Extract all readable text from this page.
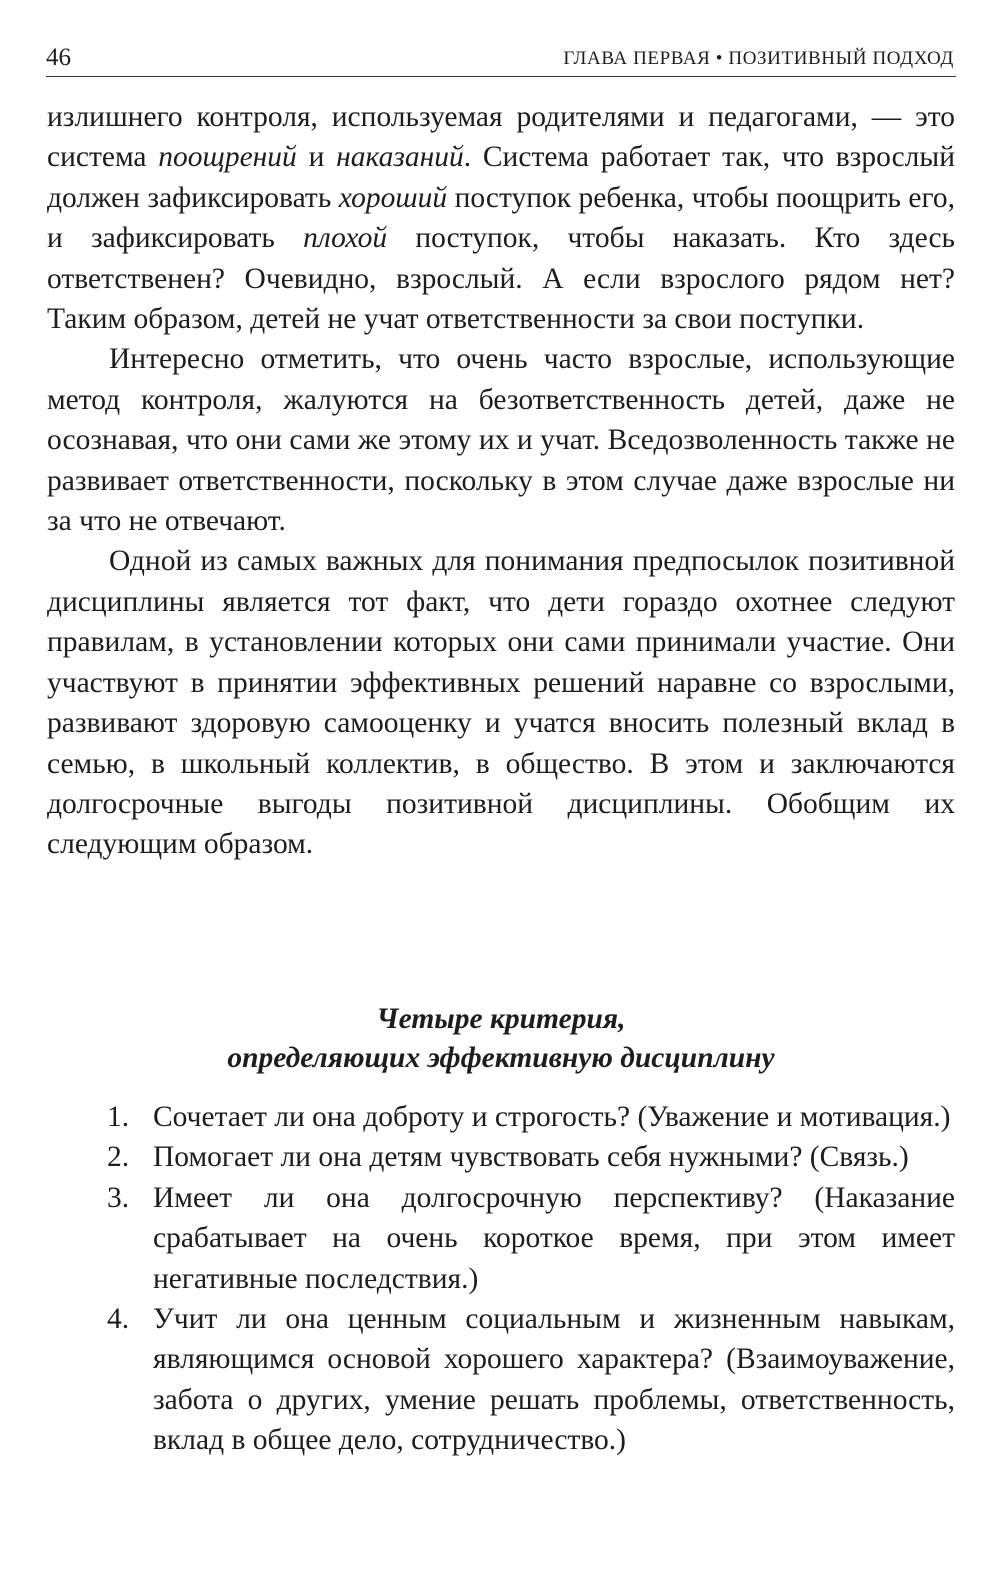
46	ГЛАВА ПЕРВАЯ • ПОЗИТИВНЫЙ ПОДХОД

излишнего контроля, используемая родителями и педагогами, — это система поощрений и наказаний. Система работает так, что взрослый должен зафиксировать хороший поступок ребенка, чтобы поощрить его, и зафиксировать плохой поступок, чтобы наказать. Кто здесь ответственен? Очевидно, взрослый. А если взрослого рядом нет? Таким образом, детей не учат ответственности за свои поступки.

Интересно отметить, что очень часто взрослые, использующие метод контроля, жалуются на безответственность детей, даже не осознавая, что они сами же этому их и учат. Вседозволенность также не развивает ответственности, поскольку в этом случае даже взрослые ни за что не отвечают.

Одной из самых важных для понимания предпосылок позитивной дисциплины является тот факт, что дети гораздо охотнее следуют правилам, в установлении которых они сами принимали участие. Они участвуют в принятии эффективных решений наравне со взрослыми, развивают здоровую самооценку и учатся вносить полезный вклад в семью, в школьный коллектив, в общество. В этом и заключаются долгосрочные выгоды позитивной дисциплины. Обобщим их следующим образом.

Четыре критерия,
определяющих эффективную дисциплину
1. Сочетает ли она доброту и строгость? (Уважение и мотивация.)
2. Помогает ли она детям чувствовать себя нужными? (Связь.)
3. Имеет ли она долгосрочную перспективу? (Наказание срабатывает на очень короткое время, при этом имеет негативные последствия.)
4. Учит ли она ценным социальным и жизненным навыкам, являющимся основой хорошего характера? (Взаимоуважение, забота о других, умение решать проблемы, ответственность, вклад в общее дело, сотрудничество.)
